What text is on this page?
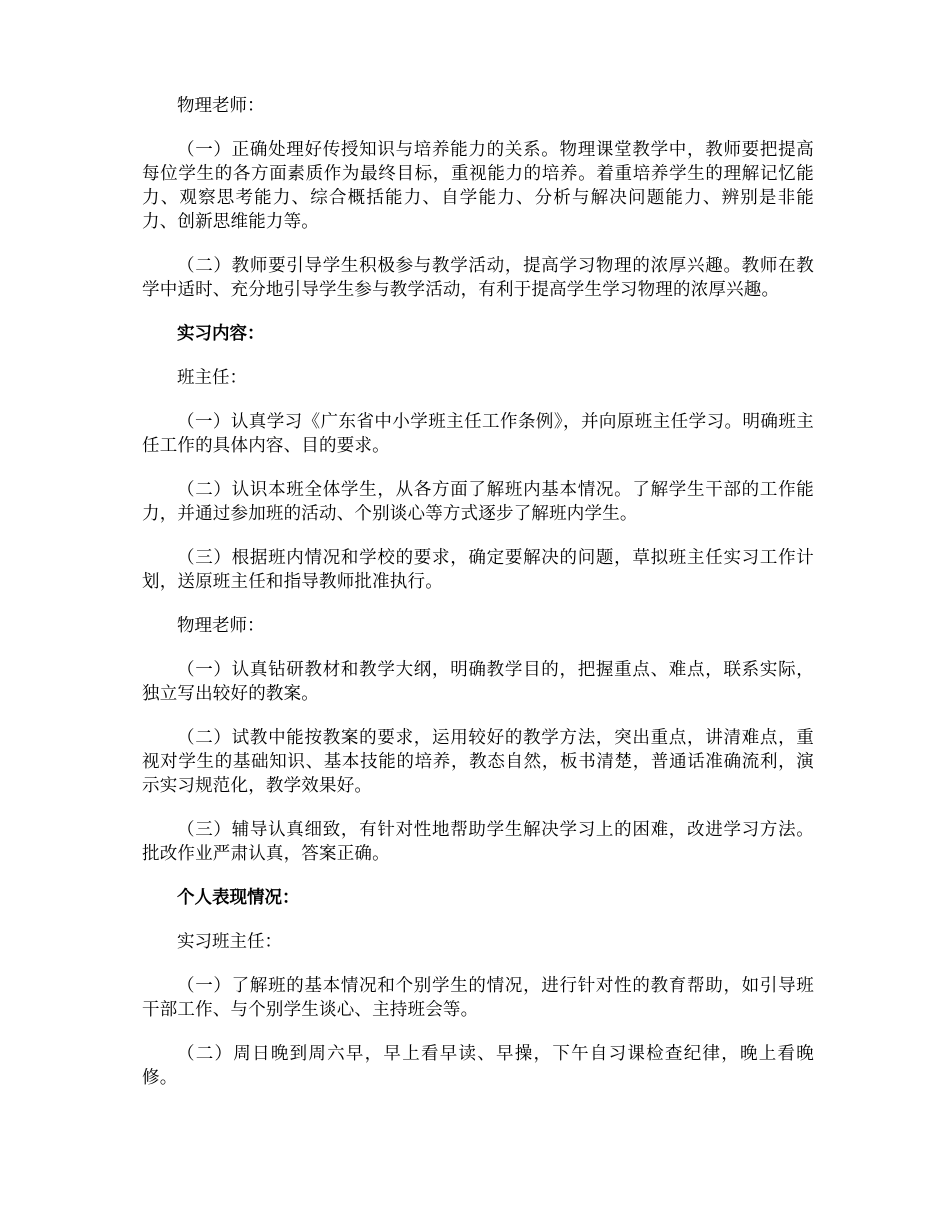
物理老师：

（一）正确处理好传授知识与培养能力的关系。物理课堂教学中，教师要把提高每位学生的各方面素质作为最终目标，重视能力的培养。着重培养学生的理解记忆能力、观察思考能力、综合概括能力、自学能力、分析与解决问题能力、辨别是非能力、创新思维能力等。

（二）教师要引导学生积极参与教学活动，提高学习物理的浓厚兴趣。教师在教学中适时、充分地引导学生参与教学活动，有利于提高学生学习物理的浓厚兴趣。

实习内容：

班主任：

（一）认真学习《广东省中小学班主任工作条例》，并向原班主任学习。明确班主任工作的具体内容、目的要求。

（二）认识本班全体学生，从各方面了解班内基本情况。了解学生干部的工作能力，并通过参加班的活动、个别谈心等方式逐步了解班内学生。

（三）根据班内情况和学校的要求，确定要解决的问题，草拟班主任实习工作计划，送原班主任和指导教师批准执行。

物理老师：

（一）认真钻研教材和教学大纲，明确教学目的，把握重点、难点，联系实际，独立写出较好的教案。

（二）试教中能按教案的要求，运用较好的教学方法，突出重点，讲清难点，重视对学生的基础知识、基本技能的培养，教态自然，板书清楚，普通话准确流利，演示实习规范化，教学效果好。

（三）辅导认真细致，有针对性地帮助学生解决学习上的困难，改进学习方法。批改作业严肃认真，答案正确。

个人表现情况：

实习班主任：

（一）了解班的基本情况和个别学生的情况，进行针对性的教育帮助，如引导班干部工作、与个别学生谈心、主持班会等。

（二）周日晚到周六早，早上看早读、早操，下午自习课检查纪律，晚上看晚修。
